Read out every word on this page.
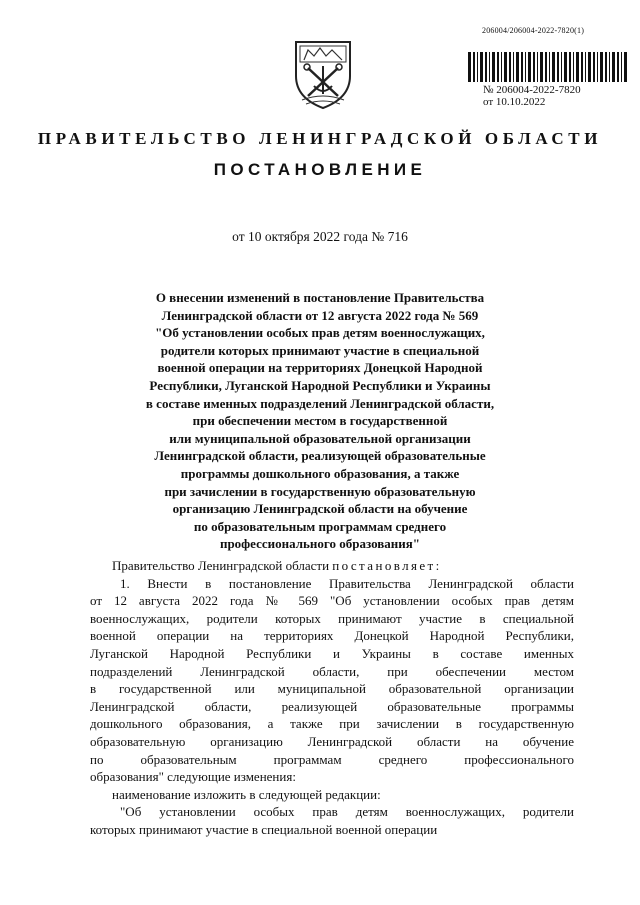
206004/206004-2022-7820(1)
№ 206004-2022-7820
от 10.10.2022
ПРАВИТЕЛЬСТВО ЛЕНИНГРАДСКОЙ ОБЛАСТИ
ПОСТАНОВЛЕНИЕ
от 10 октября 2022 года № 716
О внесении изменений в постановление Правительства
Ленинградской области от 12 августа 2022 года № 569
"Об установлении особых прав детям военнослужащих,
родители которых принимают участие в специальной
военной операции на территориях Донецкой Народной
Республики, Луганской Народной Республики и Украины
в составе именных подразделений Ленинградской области,
при обеспечении местом в государственной
или муниципальной образовательной организации
Ленинградской области, реализующей образовательные
программы дошкольного образования, а также
при зачислении в государственную образовательную
организацию Ленинградской области на обучение
по образовательным программам среднего
профессионального образования"
Правительство Ленинградской области постановляет:
1. Внести в постановление Правительства Ленинградской области
от 12 августа 2022 года № 569 "Об установлении особых прав детям
военнослужащих, родители которых принимают участие в специальной
военной операции на территориях Донецкой Народной Республики,
Луганской Народной Республики и Украины в составе именных
подразделений Ленинградской области, при обеспечении местом
в государственной или муниципальной образовательной организации
Ленинградской области, реализующей образовательные программы
дошкольного образования, а также при зачислении в государственную
образовательную организацию Ленинградской области на обучение
по образовательным программам среднего профессионального
образования" следующие изменения:
наименование изложить в следующей редакции:
"Об установлении особых прав детям военнослужащих, родители
которых принимают участие в специальной военной операции
